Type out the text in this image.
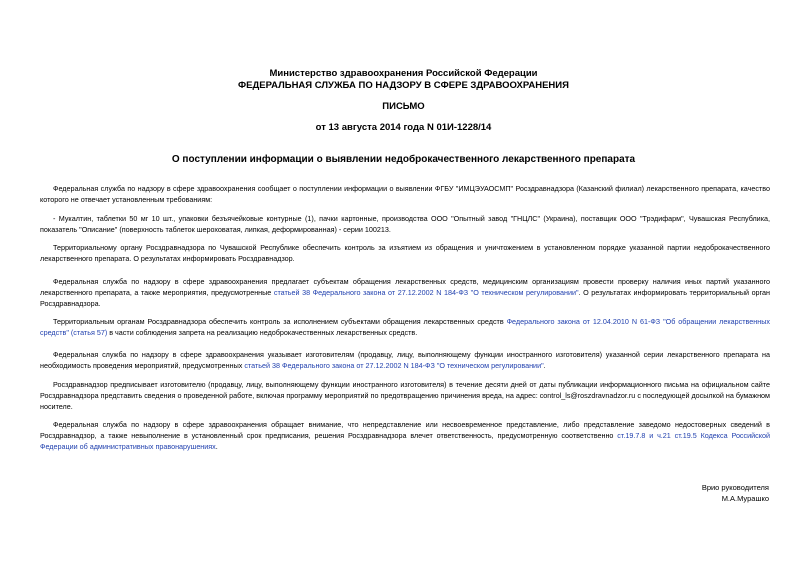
Министерство здравоохранения Российской Федерации
ФЕДЕРАЛЬНАЯ СЛУЖБА ПО НАДЗОРУ В СФЕРЕ ЗДРАВООХРАНЕНИЯ
ПИСЬМО
от 13 августа 2014 года N 01И-1228/14
О поступлении информации о выявлении недоброкачественного лекарственного препарата
Федеральная служба по надзору в сфере здравоохранения сообщает о поступлении информации о выявлении ФГБУ "ИМЦЭУАОСМП" Росздравнадзора (Казанский филиал) лекарственного препарата, качество которого не отвечает установленным требованиям:
- Мукалтин, таблетки 50 мг 10 шт., упаковки безъячейковые контурные (1), пачки картонные, производства ООО "Опытный завод "ГНЦЛС" (Украина), поставщик ООО "Трэдифарм", Чувашская Республика, показатель "Описание" (поверхность таблеток шероховатая, липкая, деформированная) - серии 100213.
Территориальному органу Росздравнадзора по Чувашской Республике обеспечить контроль за изъятием из обращения и уничтожением в установленном порядке указанной партии недоброкачественного лекарственного препарата. О результатах информировать Росздравнадзор.
Федеральная служба по надзору в сфере здравоохранения предлагает субъектам обращения лекарственных средств, медицинским организациям провести проверку наличия иных партий указанного лекарственного препарата, а также мероприятия, предусмотренные статьей 38 Федерального закона от 27.12.2002 N 184-ФЗ "О техническом регулировании". О результатах информировать территориальный орган Росздравнадзора.
Территориальным органам Росздравнадзора обеспечить контроль за исполнением субъектами обращения лекарственных средств Федерального закона от 12.04.2010 N 61-ФЗ "Об обращении лекарственных средств" (статья 57) в части соблюдения запрета на реализацию недоброкачественных лекарственных средств.
Федеральная служба по надзору в сфере здравоохранения указывает изготовителям (продавцу, лицу, выполняющему функции иностранного изготовителя) указанной серии лекарственного препарата на необходимость проведения мероприятий, предусмотренных статьей 38 Федерального закона от 27.12.2002 N 184-ФЗ "О техническом регулировании".
Росздравнадзор предписывает изготовителю (продавцу, лицу, выполняющему функции иностранного изготовителя) в течение десяти дней от даты публикации информационного письма на официальном сайте Росздравнадзора представить сведения о проведенной работе, включая программу мероприятий по предотвращению причинения вреда, на адрес: control_ls@roszdravnadzor.ru с последующей досылкой на бумажном носителе.
Федеральная служба по надзору в сфере здравоохранения обращает внимание, что непредставление или несвоевременное представление, либо представление заведомо недостоверных сведений в Росздравнадзор, а также невыполнение в установленный срок предписания, решения Росздравнадзора влечет ответственность, предусмотренную соответственно ст.19.7.8 и ч.21 ст.19.5 Кодекса Российской Федерации об административных правонарушениях.
Врио руководителя
М.А.Мурашко
